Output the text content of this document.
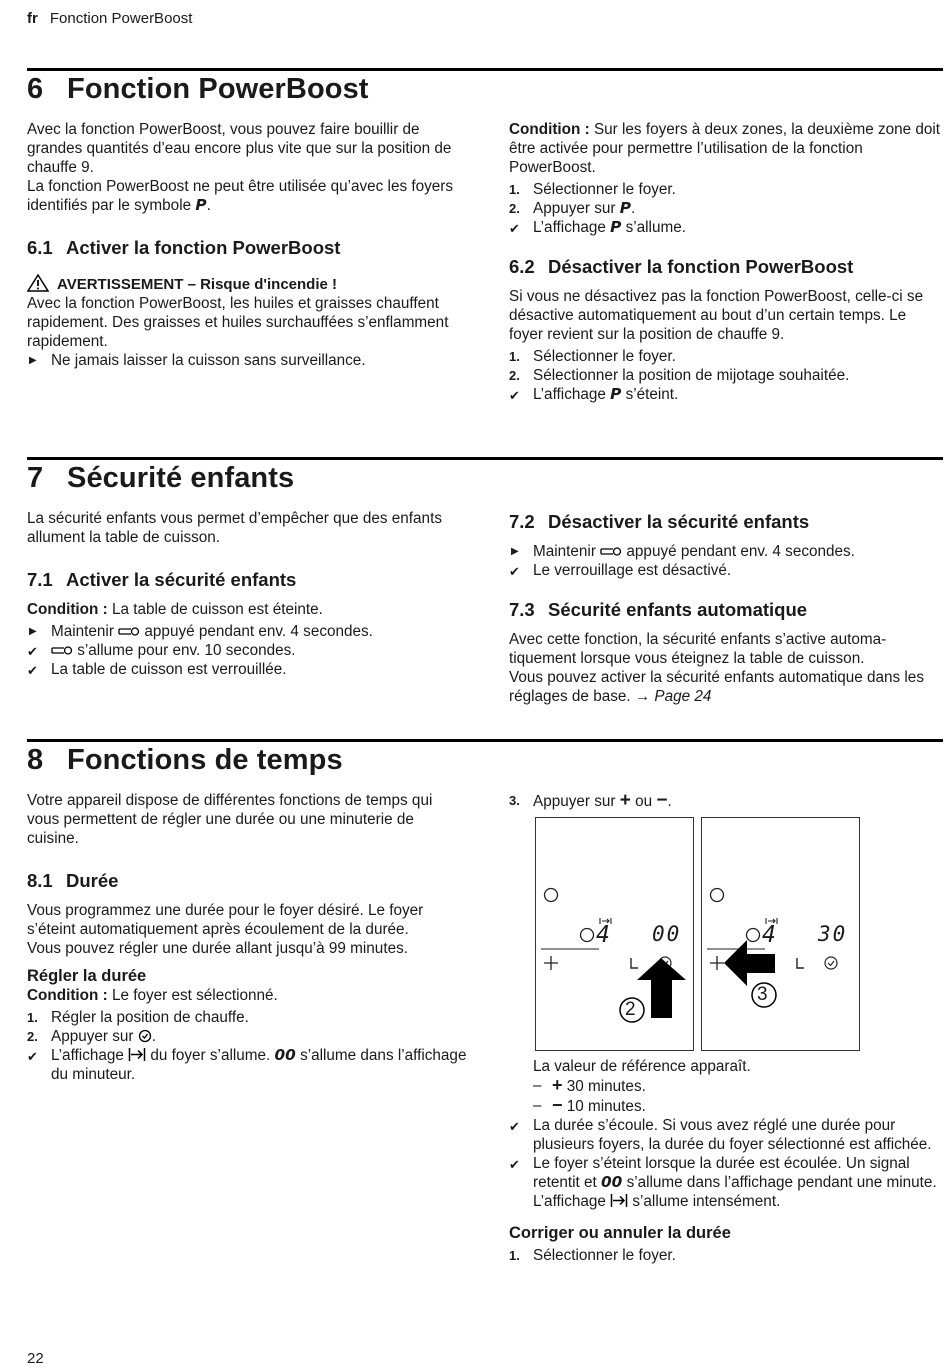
fr Fonction PowerBoost
6 Fonction PowerBoost

Avec la fonction PowerBoost, vous pouvez faire bouillir de grandes quantités d’eau encore plus vite que sur la position de chauffe 9.

La fonction PowerBoost ne peut être utilisée qu’avec les foyers identifiés par le symbole P.

6.1 Activer la fonction PowerBoost

AVERTISSEMENT – Risque d'incendie !

Avec la fonction PowerBoost, les huiles et graisses chauffent rapidement. Des graisses et huiles surchauffées s’enflamment rapidement.

▶ Ne jamais laisser la cuisson sans surveillance.

Condition : Sur les foyers à deux zones, la deuxième zone doit être activée pour permettre l’utilisation de la fonction PowerBoost.

1. Sélectionner le foyer.

2. Appuyer sur P.

✔ L’affichage P s’allume.

6.2 Désactiver la fonction PowerBoost

Si vous ne désactivez pas la fonction PowerBoost, celle-ci se désactive automatiquement au bout d’un certain temps. Le foyer revient sur la position de chauffe 9.

1. Sélectionner le foyer.

2. Sélectionner la position de mijotage souhaitée.

✔ L’affichage P s’éteint.

7 Sécurité enfants

La sécurité enfants vous permet d’empêcher que des enfants allument la table de cuisson.

7.1 Activer la sécurité enfants

Condition : La table de cuisson est éteinte.

▶ Maintenir appuyé pendant env. 4 secondes.

✔	s’allume pour env. 10 secondes.

✔ La table de cuisson est verrouillée.

7.2 Désactiver la sécurité enfants

▶ Maintenir appuyé pendant env. 4 secondes.

✔ Le verrouillage est désactivé.

7.3 Sécurité enfants automatique

Avec cette fonction, la sécurité enfants s’active automatiquement lorsque vous éteignez la table de cuisson.

Vous pouvez activer la sécurité enfants automatique dans les réglages de base. → Page 24

8 Fonctions de temps

Votre appareil dispose de différentes fonctions de temps qui vous permettent de régler une durée ou une minuterie de cuisine.

8.1 Durée

Vous programmez une durée pour le foyer désiré. Le foyer s’éteint automatiquement après écoulement de la durée.

Vous pouvez régler une durée allant jusqu’à 99 minutes.

Régler la durée

Condition : Le foyer est sélectionné.

1. Régler la position de chauffe.

2. Appuyer sur .

✔ L’affichage du foyer s’allume. 00 s’allume dans l’affichage du minuteur.

3. Appuyer sur + ou −.

4 00
2
4 30
3

La valeur de référence apparaît.

– + 30 minutes.

– − 10 minutes.

✔ La durée s’écoule. Si vous avez réglé une durée pour plusieurs foyers, la durée du foyer sélectionné est affichée.

✔ Le foyer s’éteint lorsque la durée est écoulée. Un signal retentit et 00 s’allume dans l’affichage pendant une minute. L’affichage s’allume intensément.

Corriger ou annuler la durée

1. Sélectionner le foyer.

22
